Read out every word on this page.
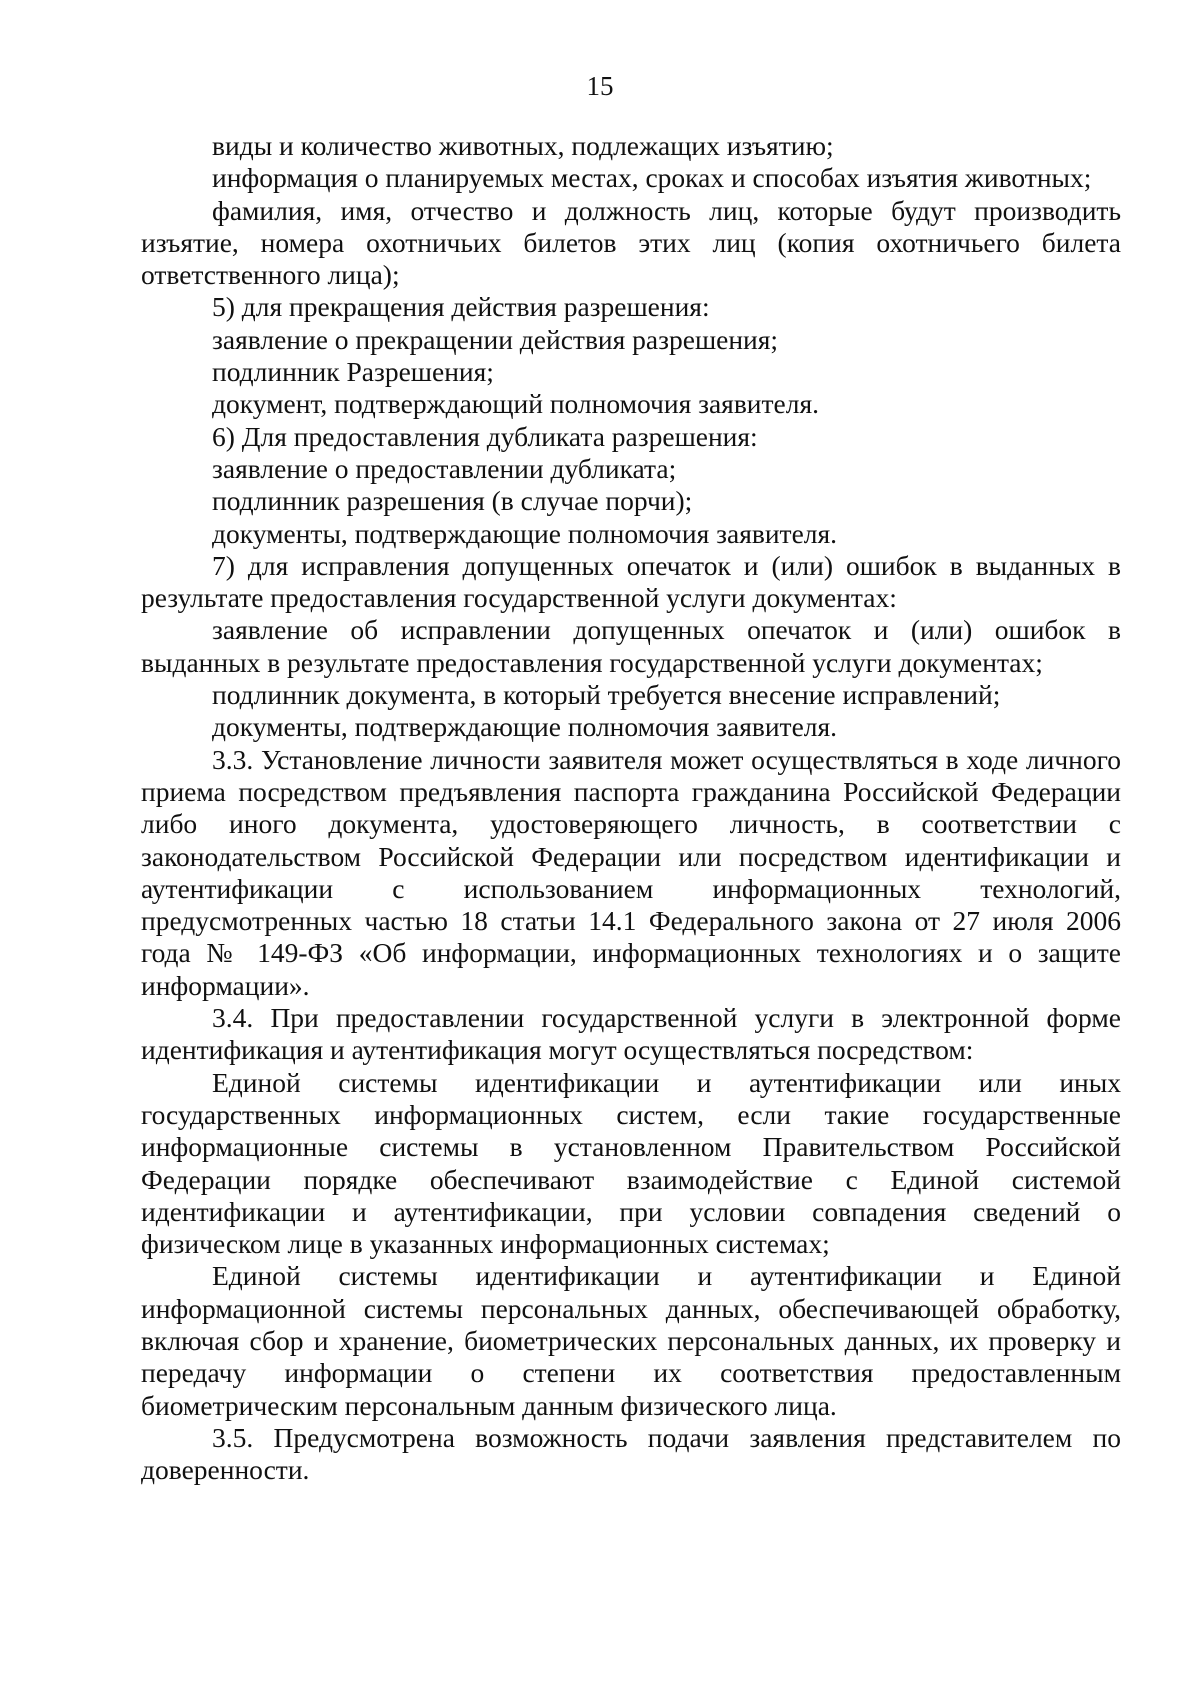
15

виды и количество животных, подлежащих изъятию;

информация о планируемых местах, сроках и способах изъятия животных;

фамилия, имя, отчество и должность лиц, которые будут производить изъятие, номера охотничьих билетов этих лиц (копия охотничьего билета ответственного лица);

5) для прекращения действия разрешения:

заявление о прекращении действия разрешения;

подлинник Разрешения;

документ, подтверждающий полномочия заявителя.

6) Для предоставления дубликата разрешения:

заявление о предоставлении дубликата;

подлинник разрешения (в случае порчи);

документы, подтверждающие полномочия заявителя.

7) для исправления допущенных опечаток и (или) ошибок в выданных в результате предоставления государственной услуги документах:

заявление об исправлении допущенных опечаток и (или) ошибок в выданных в результате предоставления государственной услуги документах;

подлинник документа, в который требуется внесение исправлений;

документы, подтверждающие полномочия заявителя.

3.3. Установление личности заявителя может осуществляться в ходе личного приема посредством предъявления паспорта гражданина Российской Федерации либо иного документа, удостоверяющего личность, в соответствии с законодательством Российской Федерации или посредством идентификации и аутентификации с использованием информационных технологий, предусмотренных частью 18 статьи 14.1 Федерального закона от 27 июля 2006 года № 149-ФЗ «Об информации, информационных технологиях и о защите информации».

3.4. При предоставлении государственной услуги в электронной форме идентификация и аутентификация могут осуществляться посредством:

Единой системы идентификации и аутентификации или иных государственных информационных систем, если такие государственные информационные системы в установленном Правительством Российской Федерации порядке обеспечивают взаимодействие с Единой системой идентификации и аутентификации, при условии совпадения сведений о физическом лице в указанных информационных системах;

Единой системы идентификации и аутентификации и Единой информационной системы персональных данных, обеспечивающей обработку, включая сбор и хранение, биометрических персональных данных, их проверку и передачу информации о степени их соответствия предоставленным биометрическим персональным данным физического лица.

3.5. Предусмотрена возможность подачи заявления представителем по доверенности.
